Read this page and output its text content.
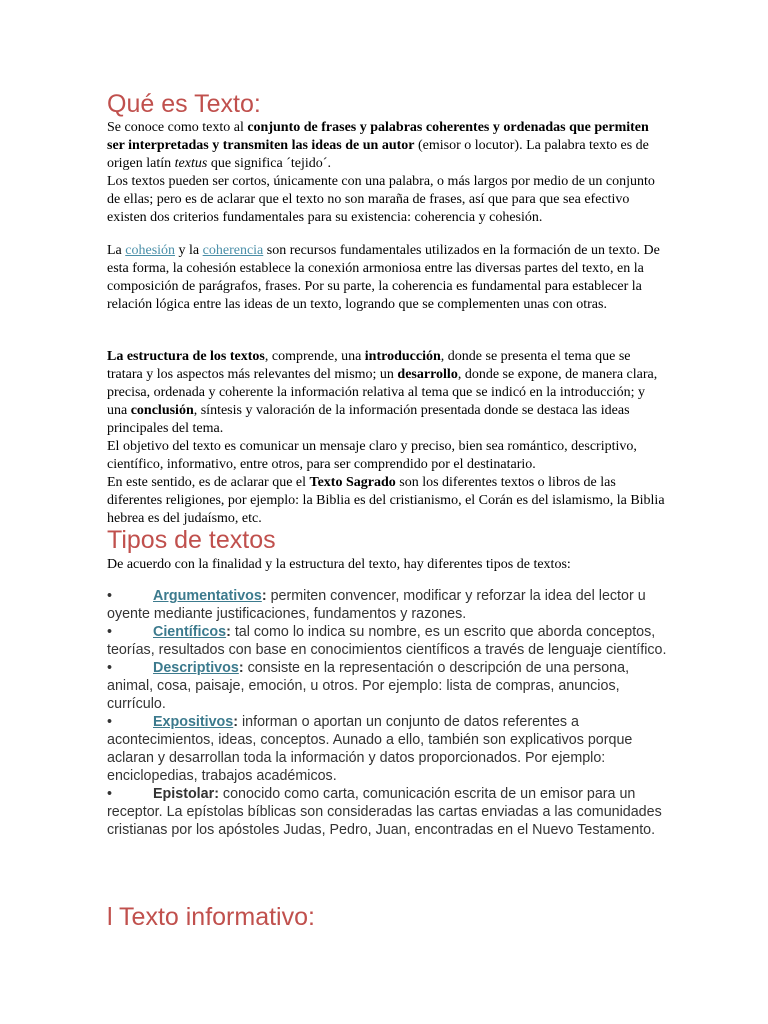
Qué es Texto:

Se conoce como texto al conjunto de frases y palabras coherentes y ordenadas que permiten ser interpretadas y transmiten las ideas de un autor (emisor o locutor). La palabra texto es de origen latín textus que significa ´tejido´.

Los textos pueden ser cortos, únicamente con una palabra, o más largos por medio de un conjunto de ellas; pero es de aclarar que el texto no son maraña de frases, así que para que sea efectivo existen dos criterios fundamentales para su existencia: coherencia y cohesión.

La cohesión y la coherencia son recursos fundamentales utilizados en la formación de un texto. De esta forma, la cohesión establece la conexión armoniosa entre las diversas partes del texto, en la composición de parágrafos, frases. Por su parte, la coherencia es fundamental para establecer la relación lógica entre las ideas de un texto, logrando que se complementen unas con otras.

La estructura de los textos, comprende, una introducción, donde se presenta el tema que se tratara y los aspectos más relevantes del mismo; un desarrollo, donde se expone, de manera clara, precisa, ordenada y coherente la información relativa al tema que se indicó en la introducción; y una conclusión, síntesis y valoración de la información presentada donde se destaca las ideas principales del tema.

El objetivo del texto es comunicar un mensaje claro y preciso, bien sea romántico, descriptivo, científico, informativo, entre otros, para ser comprendido por el destinatario.

En este sentido, es de aclarar que el Texto Sagrado son los diferentes textos o libros de las diferentes religiones, por ejemplo: la Biblia es del cristianismo, el Corán es del islamismo, la Biblia hebrea es del judaísmo, etc.

Tipos de textos
De acuerdo con la finalidad y la estructura del texto, hay diferentes tipos de textos:

•	Argumentativos: permiten convencer, modificar y reforzar la idea del lector u oyente mediante justificaciones, fundamentos y razones.

•	Científicos: tal como lo indica su nombre, es un escrito que aborda conceptos, teorías, resultados con base en conocimientos científicos a través de lenguaje científico.

•	Descriptivos: consiste en la representación o descripción de una persona, animal, cosa, paisaje, emoción, u otros. Por ejemplo: lista de compras, anuncios, currículo.

•	Expositivos: informan o aportan un conjunto de datos referentes a acontecimientos, ideas, conceptos. Aunado a ello, también son explicativos porque aclaran y desarrollan toda la información y datos proporcionados. Por ejemplo: enciclopedias, trabajos académicos.

•	Epistolar: conocido como carta, comunicación escrita de un emisor para un receptor. La epístolas bíblicas son consideradas las cartas enviadas a las comunidades cristianas por los apóstoles Judas, Pedro, Juan, encontradas en el Nuevo Testamento.

l Texto informativo:
